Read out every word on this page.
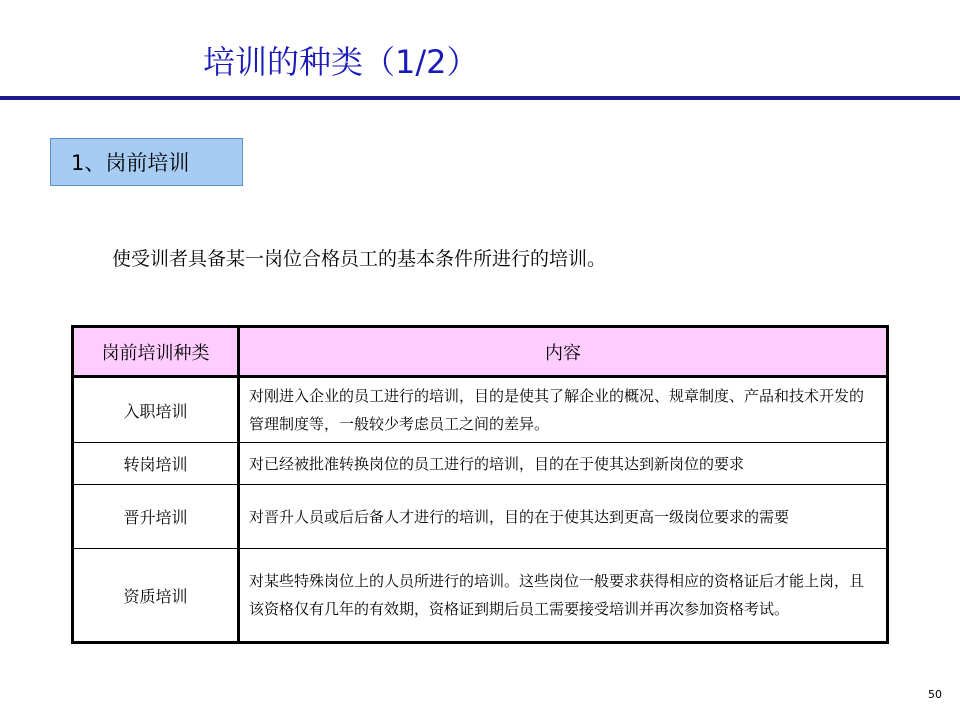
培训的种类（1/2）
1、岗前培训
使受训者具备某一岗位合格员工的基本条件所进行的培训。
岗前培训种类	内容
入职培训	对刚进入企业的员工进行的培训，目的是使其了解企业的概况、规章制度、产品和技术开发的管理制度等，一般较少考虑员工之间的差异。
转岗培训	对已经被批准转换岗位的员工进行的培训，目的在于使其达到新岗位的要求
晋升培训	对晋升人员或后后备人才进行的培训，目的在于使其达到更高一级岗位要求的需要
资质培训	对某些特殊岗位上的人员所进行的培训。这些岗位一般要求获得相应的资格证后才能上岗，且该资格仅有几年的有效期，资格证到期后员工需要接受培训并再次参加资格考试。
50
